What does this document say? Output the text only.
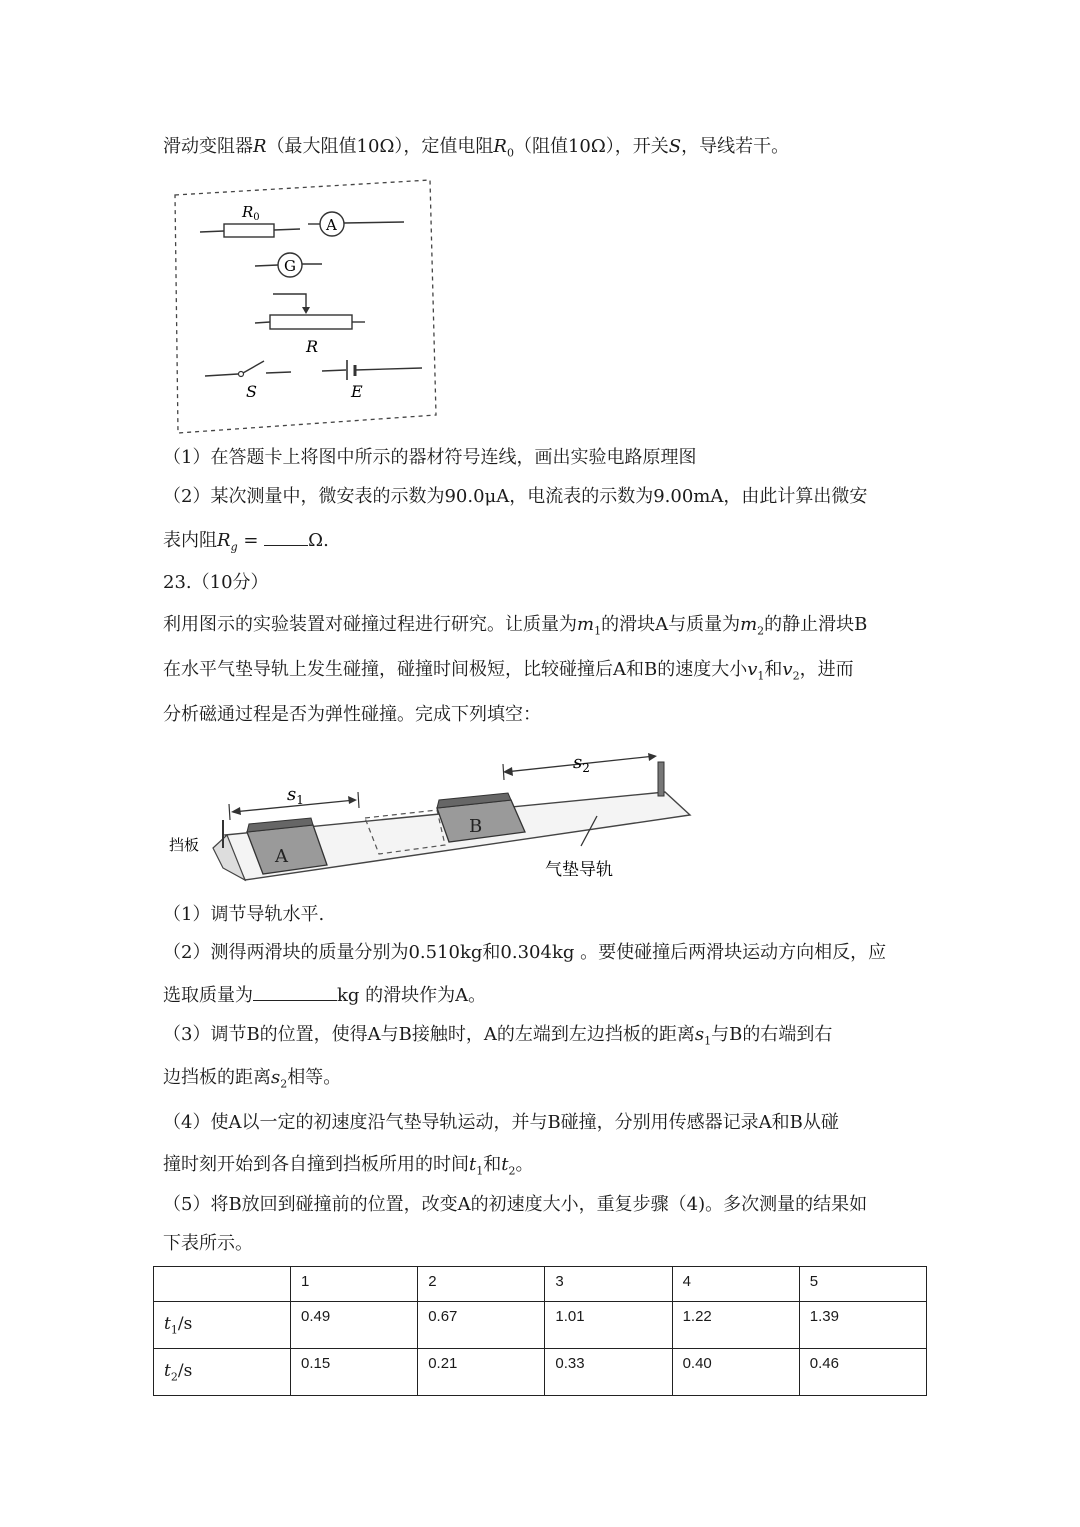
滑动变阻器R（最大阻值10Ω），定值电阻$R_0$（阻值10Ω），开关S，导线若干。
$R_0$	A
G
R
S	E
（1）在答题卡上将图中所示的器材符号连线，画出实验电路原理图
（2）某次测量中，微安表的示数为90.0μA，电流表的示数为9.00mA，由此计算出微安
表内阻$R_g = \Omega$.
23.（10分）
利用图示的实验装置对碰撞过程进行研究。让质量为$m_1$的滑块A与质量为$m_2$的静止滑块B
在水平气垫导轨上发生碰撞，碰撞时间极短，比较碰撞后A和B的速度大小$v_1$和$v_2$，进而
分析磁通过程是否为弹性碰撞。完成下列填空：
挡板
$s_1$
$s_2$
A
B
气垫导轨
（1）调节导轨水平.
（2）测得两滑块的质量分别为0.510kg和0.304kg 。要使碰撞后两滑块运动方向相反，应
选取质量为	kg 的滑块作为A。
（3）调节B的位置，使得A与B接触时，A的左端到左边挡板的距离$s_1$与B的右端到右
边挡板的距离$s_2$相等。
（4）使A以一定的初速度沿气垫导轨运动，并与B碰撞，分别用传感器记录A和B从碰
撞时刻开始到各自撞到挡板所用的时间$t_1$和$t_2$。
（5）将B放回到碰撞前的位置，改变A的初速度大小，重复步骤（4)。多次测量的结果如
下表所示。
	1	2	3	4	5
$t_1/s$	0.49	0.67	1.01	1.22	1.39
$t_2/s$	0.15	0.21	0.33	0.40	0.46
